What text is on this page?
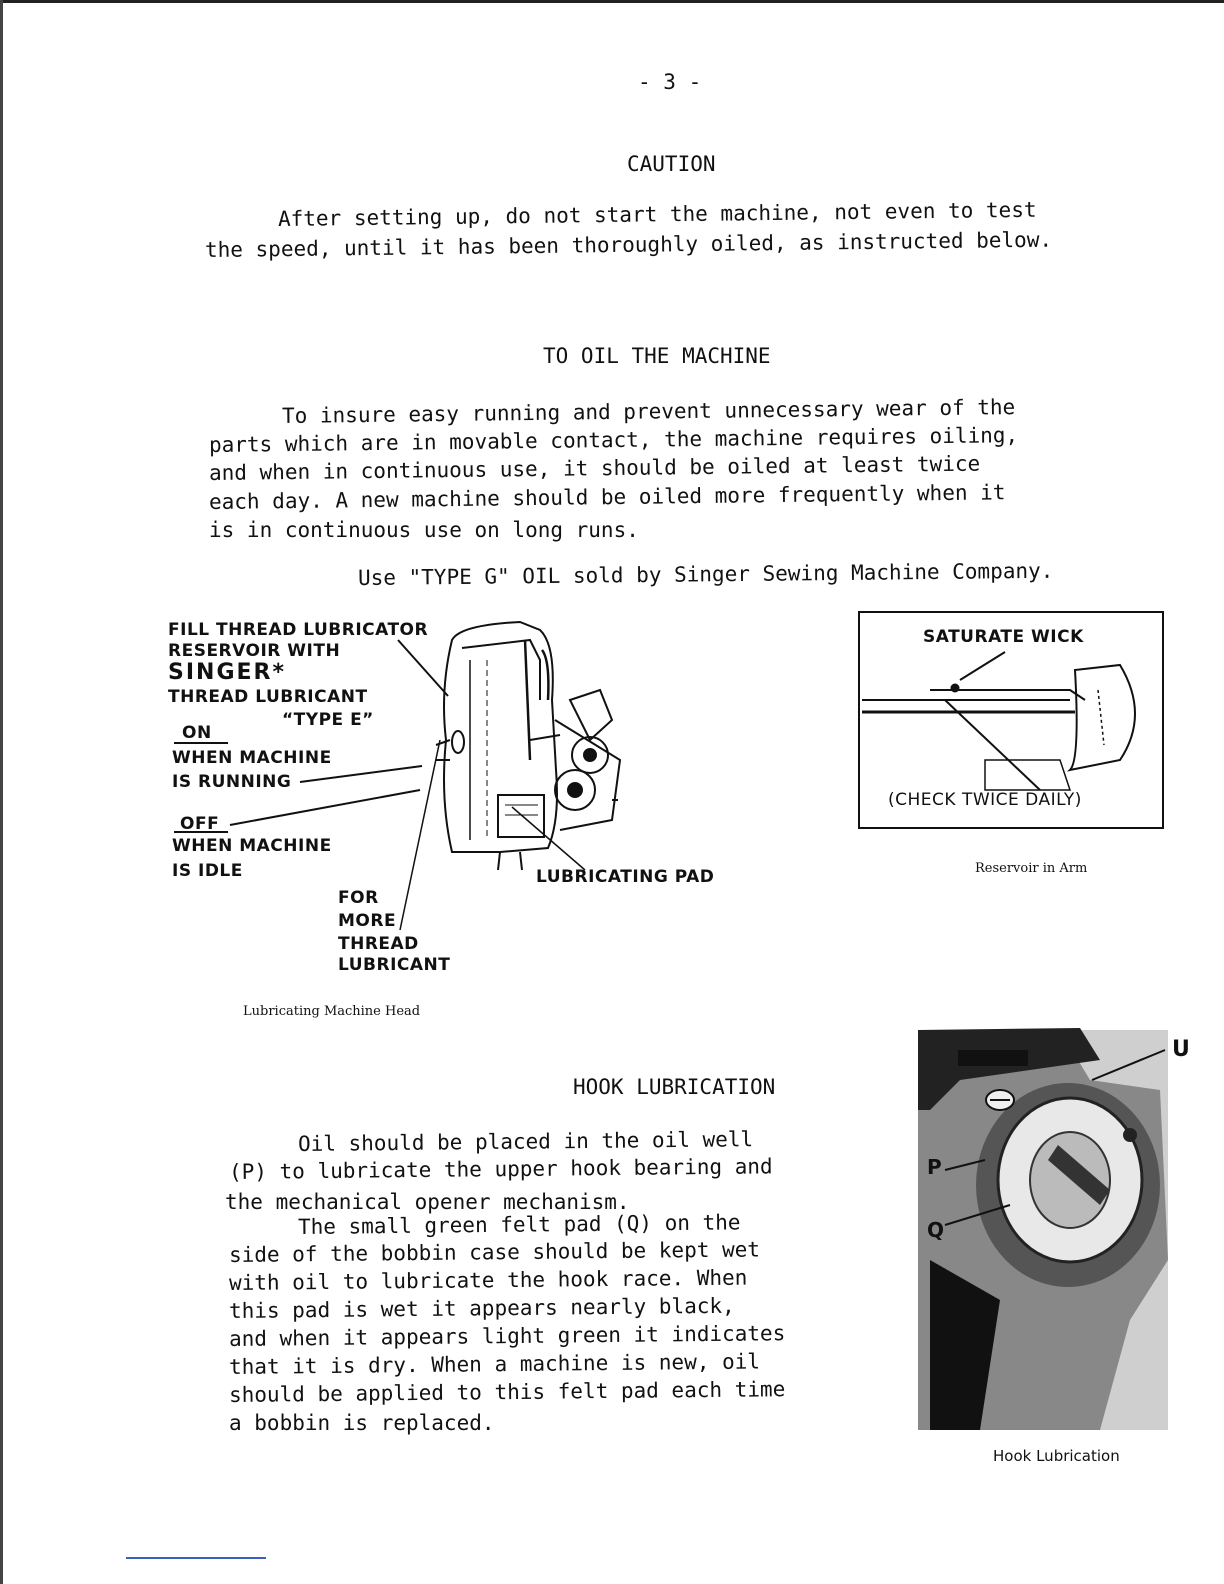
- 3 -
CAUTION
After setting up, do not start the machine, not even to test
the speed, until it has been thoroughly oiled, as instructed below.
TO OIL THE MACHINE
To insure easy running and prevent unnecessary wear of the
parts which are in movable contact, the machine requires oiling,
and when in continuous use, it should be oiled at least twice
each day. A new machine should be oiled more frequently when it
is in continuous use on long runs.
Use "TYPE G" OIL sold by Singer Sewing Machine Company.
FILL THREAD LUBRICATOR
RESERVOIR WITH
SINGER*
THREAD LUBRICANT
“TYPE E”
ON
WHEN MACHINE
IS RUNNING
OFF
WHEN MACHINE
IS IDLE
FOR
MORE
THREAD
LUBRICANT
LUBRICATING PAD
Lubricating Machine Head
SATURATE WICK
(CHECK TWICE DAILY)
Reservoir in Arm
HOOK LUBRICATION
Oil should be placed in the oil well
(P) to lubricate the upper hook bearing and
the mechanical opener mechanism.
The small green felt pad (Q) on the
side of the bobbin case should be kept wet
with oil to lubricate the hook race. When
this pad is wet it appears nearly black,
and when it appears light green it indicates
that it is dry. When a machine is new, oil
should be applied to this felt pad each time
a bobbin is replaced.
U
P
Q
Hook Lubrication
